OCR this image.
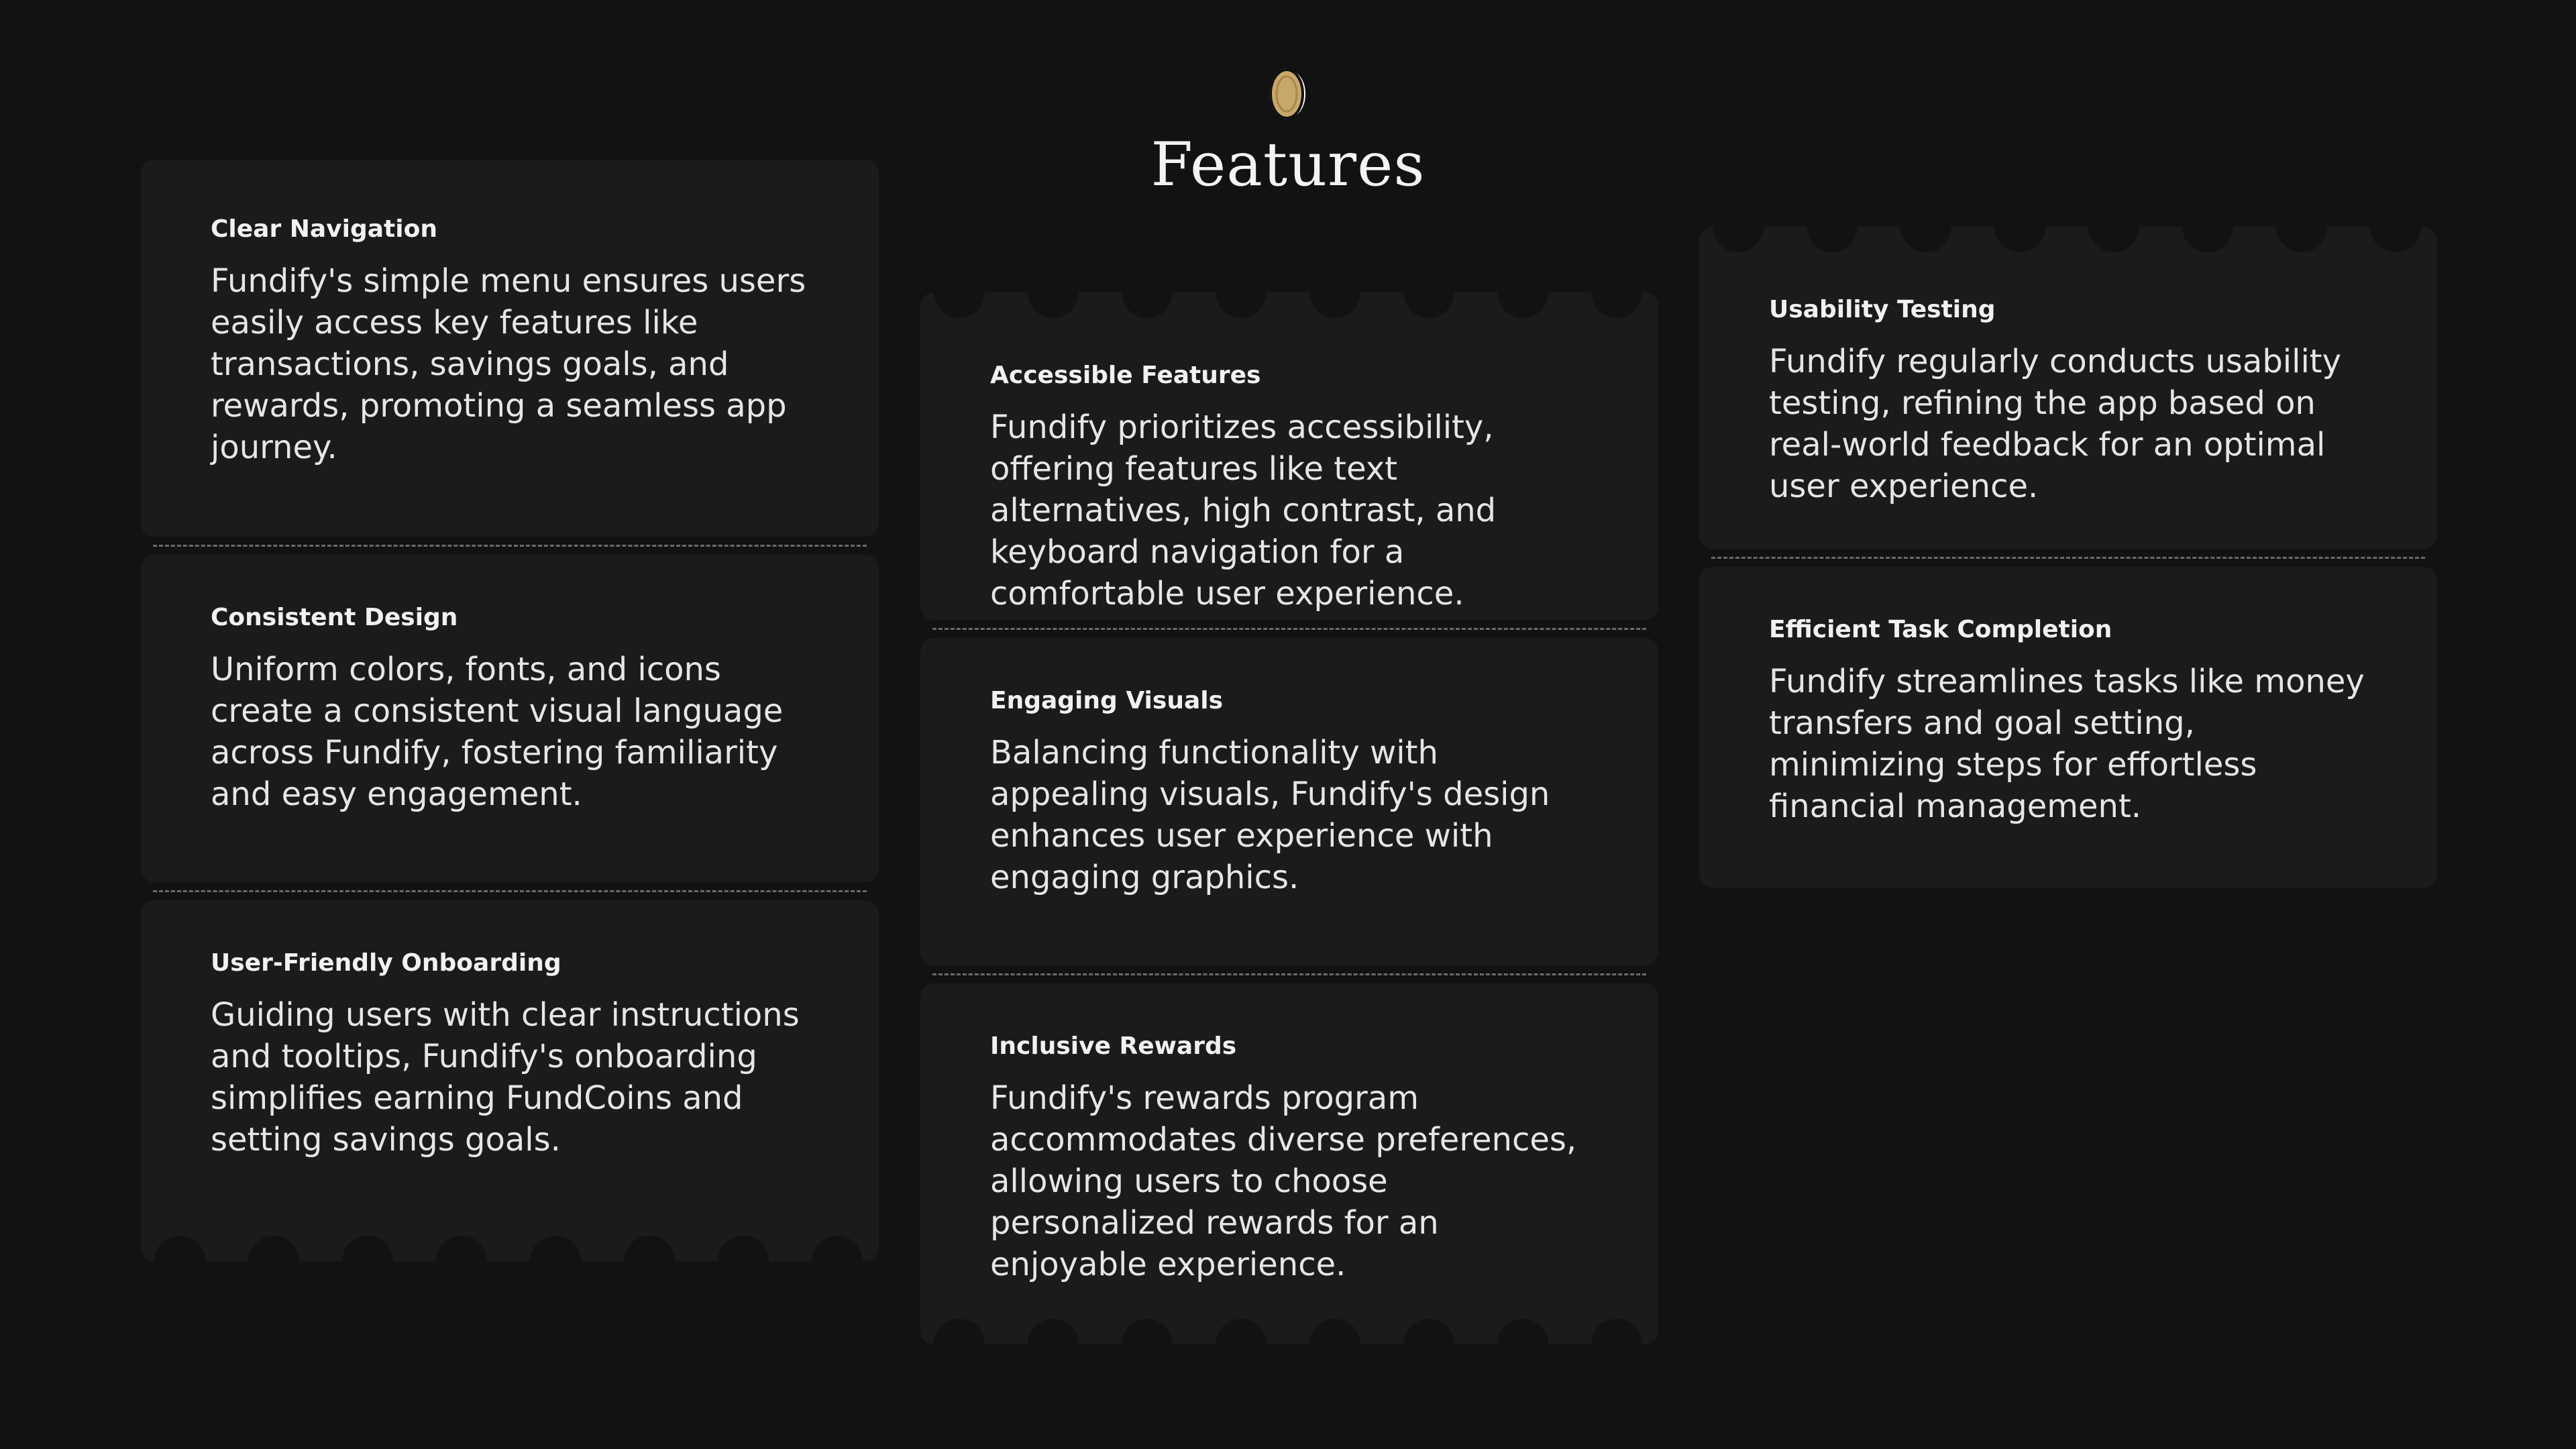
Features
Clear Navigation

Fundify's simple menu ensures users easily access key features like transactions, savings goals, and rewards, promoting a seamless app journey.

Consistent Design

Uniform colors, fonts, and icons create a consistent visual language across Fundify, fostering familiarity and easy engagement.

User-Friendly Onboarding

Guiding users with clear instructions and tooltips, Fundify's onboarding simplifies earning FundCoins and setting savings goals.

Accessible Features

Fundify prioritizes accessibility, offering features like text alternatives, high contrast, and keyboard navigation for a comfortable user experience.

Engaging Visuals

Balancing functionality with appealing visuals, Fundify's design enhances user experience with engaging graphics.

Inclusive Rewards

Fundify's rewards program accommodates diverse preferences, allowing users to choose personalized rewards for an enjoyable experience.

Usability Testing

Fundify regularly conducts usability testing, refining the app based on real-world feedback for an optimal user experience.

Efficient Task Completion

Fundify streamlines tasks like money transfers and goal setting, minimizing steps for effortless financial management.
